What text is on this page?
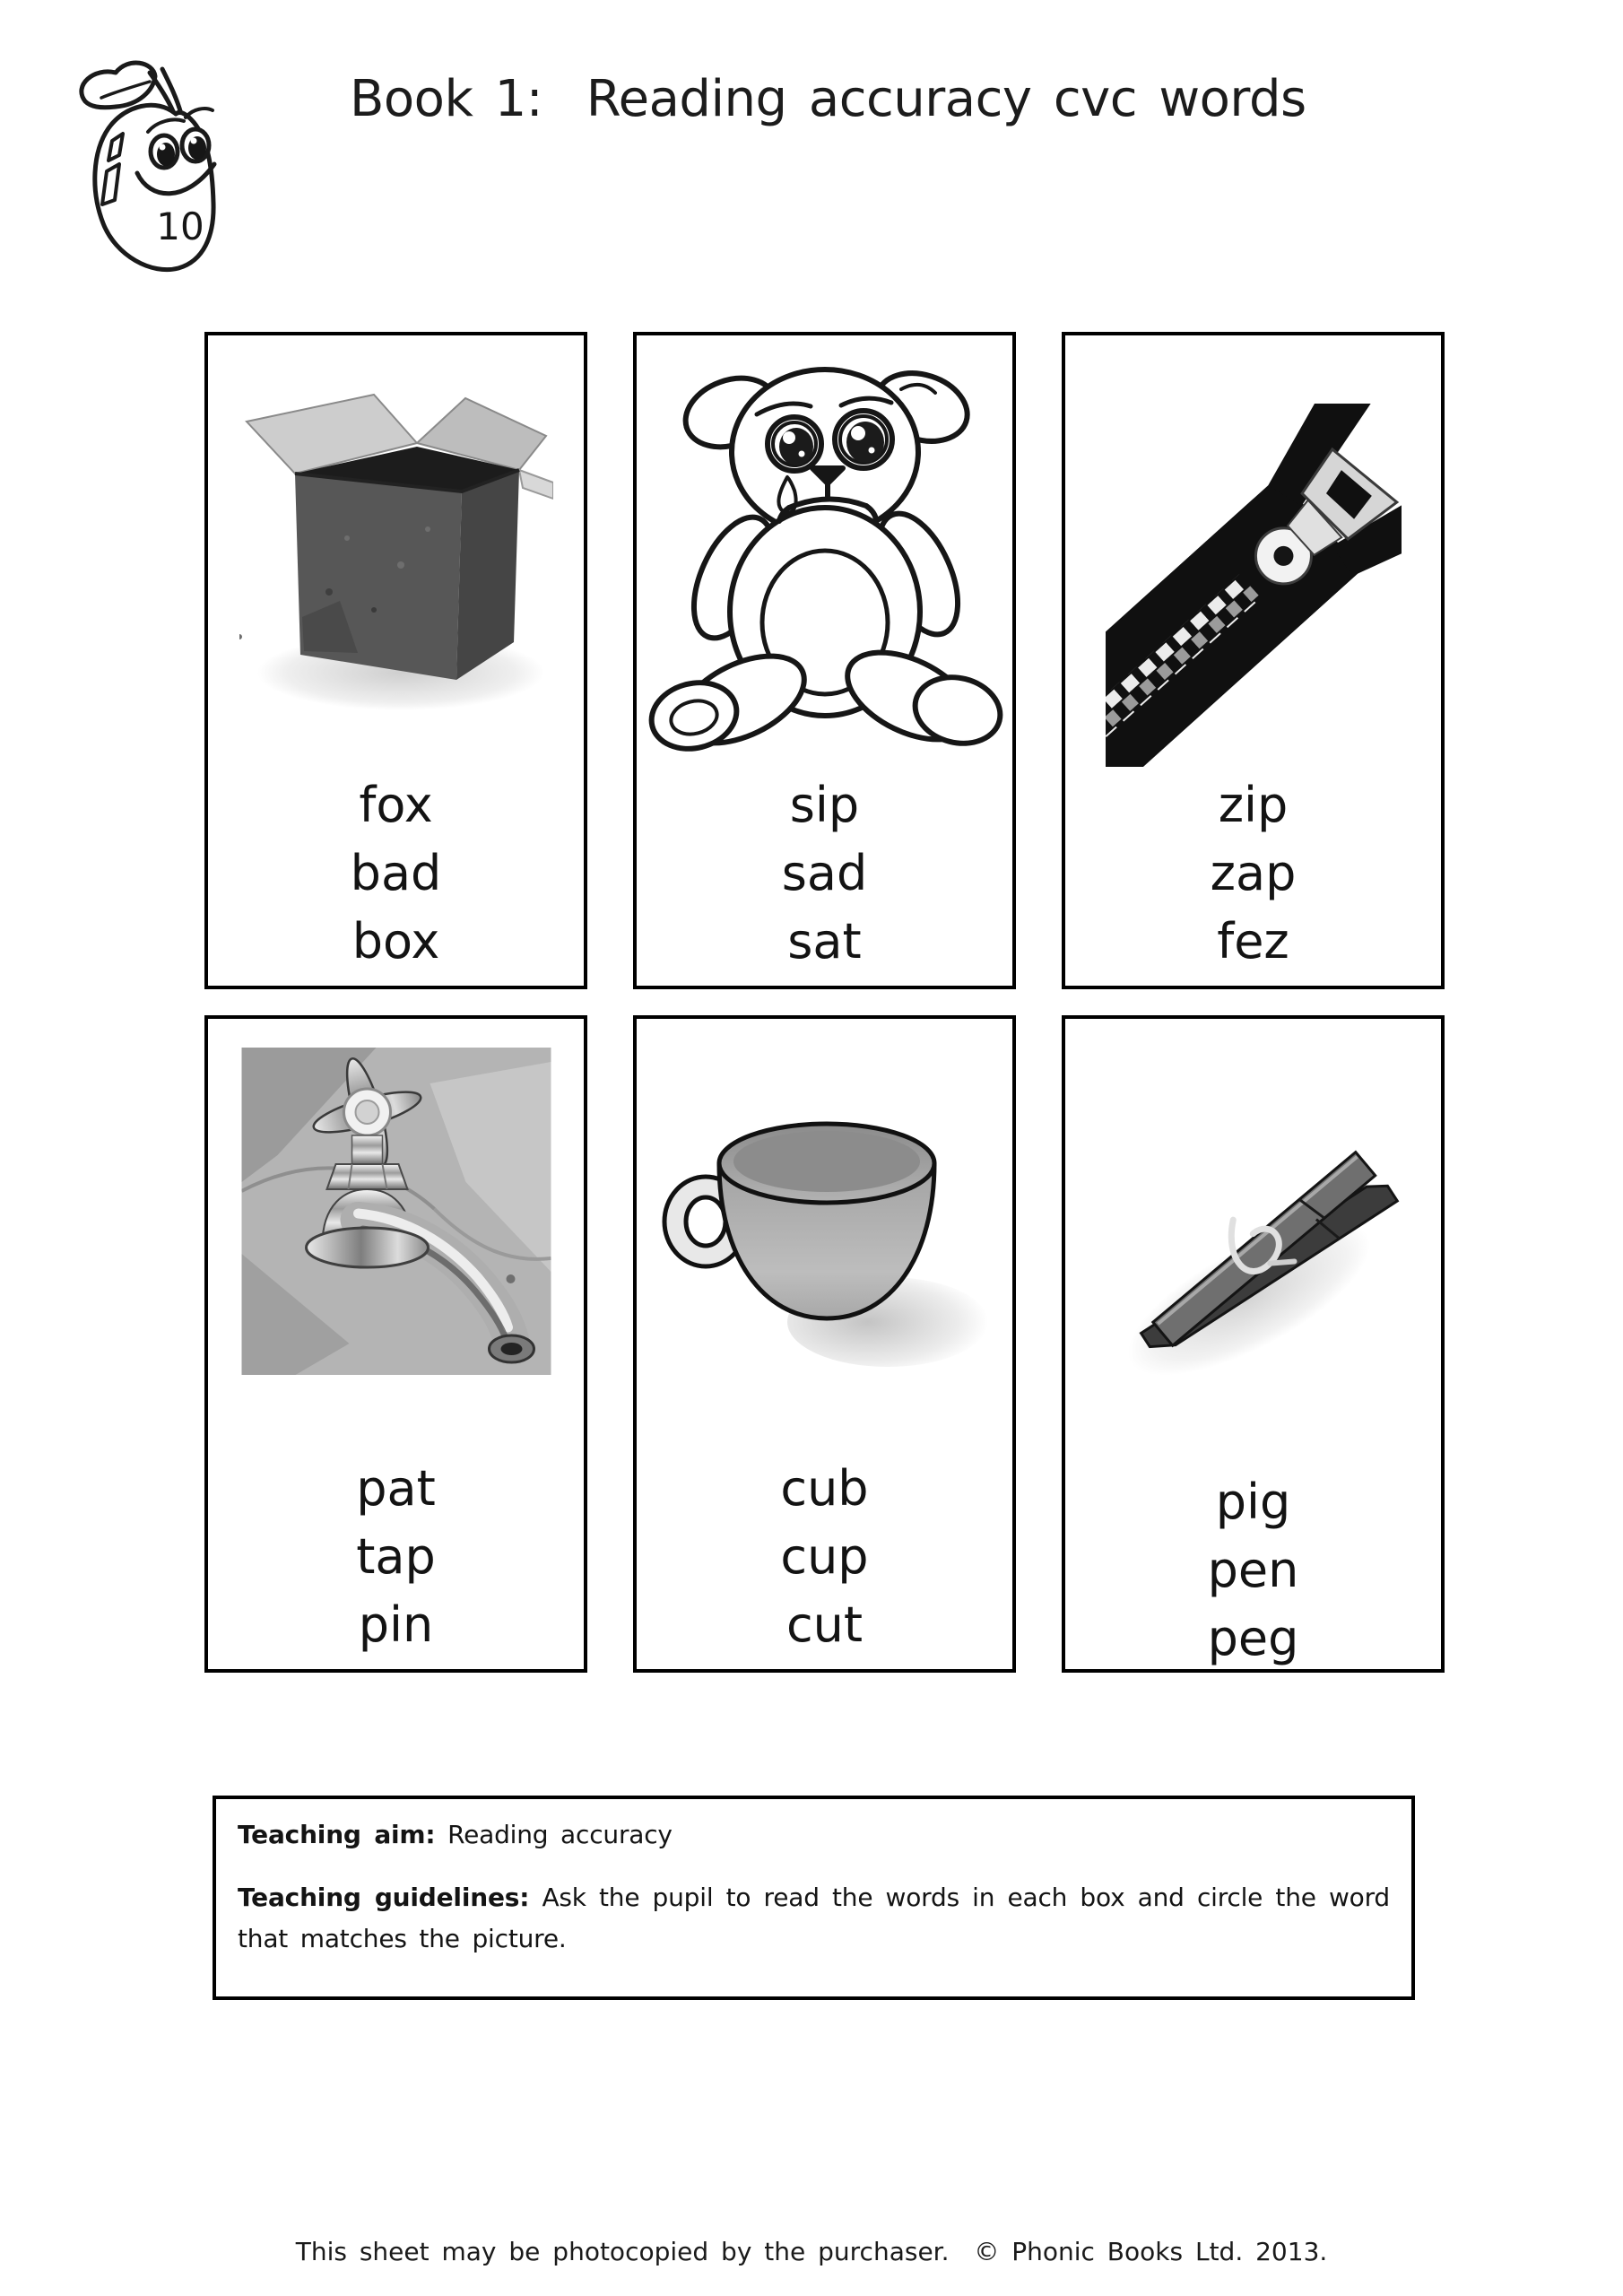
10
Book 1:  Reading accuracy cvc words
fox
bad
box
sip
sad
sat
zip
zap
fez
pat
tap
pin
cub
cup
cut
pig
pen
peg

Teaching aim: Reading accuracy

Teaching guidelines: Ask the pupil to read the words in each box and circle the word that matches the picture.

This sheet may be photocopied by the purchaser.  © Phonic Books Ltd. 2013.
